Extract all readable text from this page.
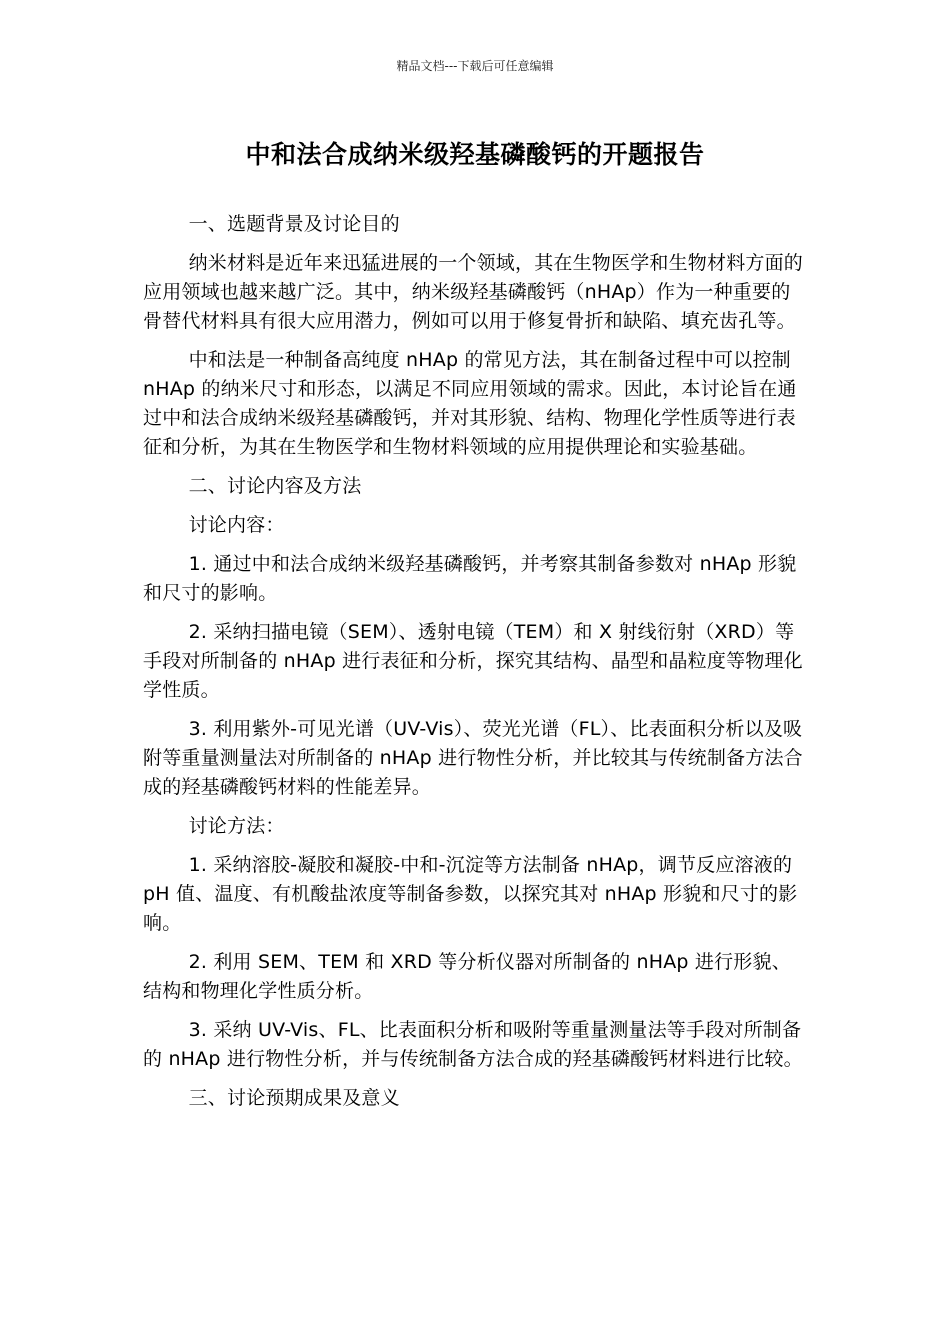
精品文档---下载后可任意编辑
中和法合成纳米级羟基磷酸钙的开题报告

一、选题背景及讨论目的

纳米材料是近年来迅猛进展的一个领域，其在生物医学和生物材料方面的应用领域也越来越广泛。其中，纳米级羟基磷酸钙（nHAp）作为一种重要的骨替代材料具有很大应用潜力，例如可以用于修复骨折和缺陷、填充齿孔等。

中和法是一种制备高纯度 nHAp 的常见方法，其在制备过程中可以控制 nHAp 的纳米尺寸和形态，以满足不同应用领域的需求。因此，本讨论旨在通过中和法合成纳米级羟基磷酸钙，并对其形貌、结构、物理化学性质等进行表征和分析，为其在生物医学和生物材料领域的应用提供理论和实验基础。

二、讨论内容及方法

讨论内容：

1. 通过中和法合成纳米级羟基磷酸钙，并考察其制备参数对 nHAp 形貌和尺寸的影响。

2. 采纳扫描电镜（SEM）、透射电镜（TEM）和 X 射线衍射（XRD）等手段对所制备的 nHAp 进行表征和分析，探究其结构、晶型和晶粒度等物理化学性质。

3. 利用紫外-可见光谱（UV-Vis）、荧光光谱（FL）、比表面积分析以及吸附等重量测量法对所制备的 nHAp 进行物性分析，并比较其与传统制备方法合成的羟基磷酸钙材料的性能差异。

讨论方法：

1. 采纳溶胶-凝胶和凝胶-中和-沉淀等方法制备 nHAp，调节反应溶液的 pH 值、温度、有机酸盐浓度等制备参数，以探究其对 nHAp 形貌和尺寸的影响。

2. 利用 SEM、TEM 和 XRD 等分析仪器对所制备的 nHAp 进行形貌、结构和物理化学性质分析。

3. 采纳 UV-Vis、FL、比表面积分析和吸附等重量测量法等手段对所制备的 nHAp 进行物性分析，并与传统制备方法合成的羟基磷酸钙材料进行比较。

三、讨论预期成果及意义
